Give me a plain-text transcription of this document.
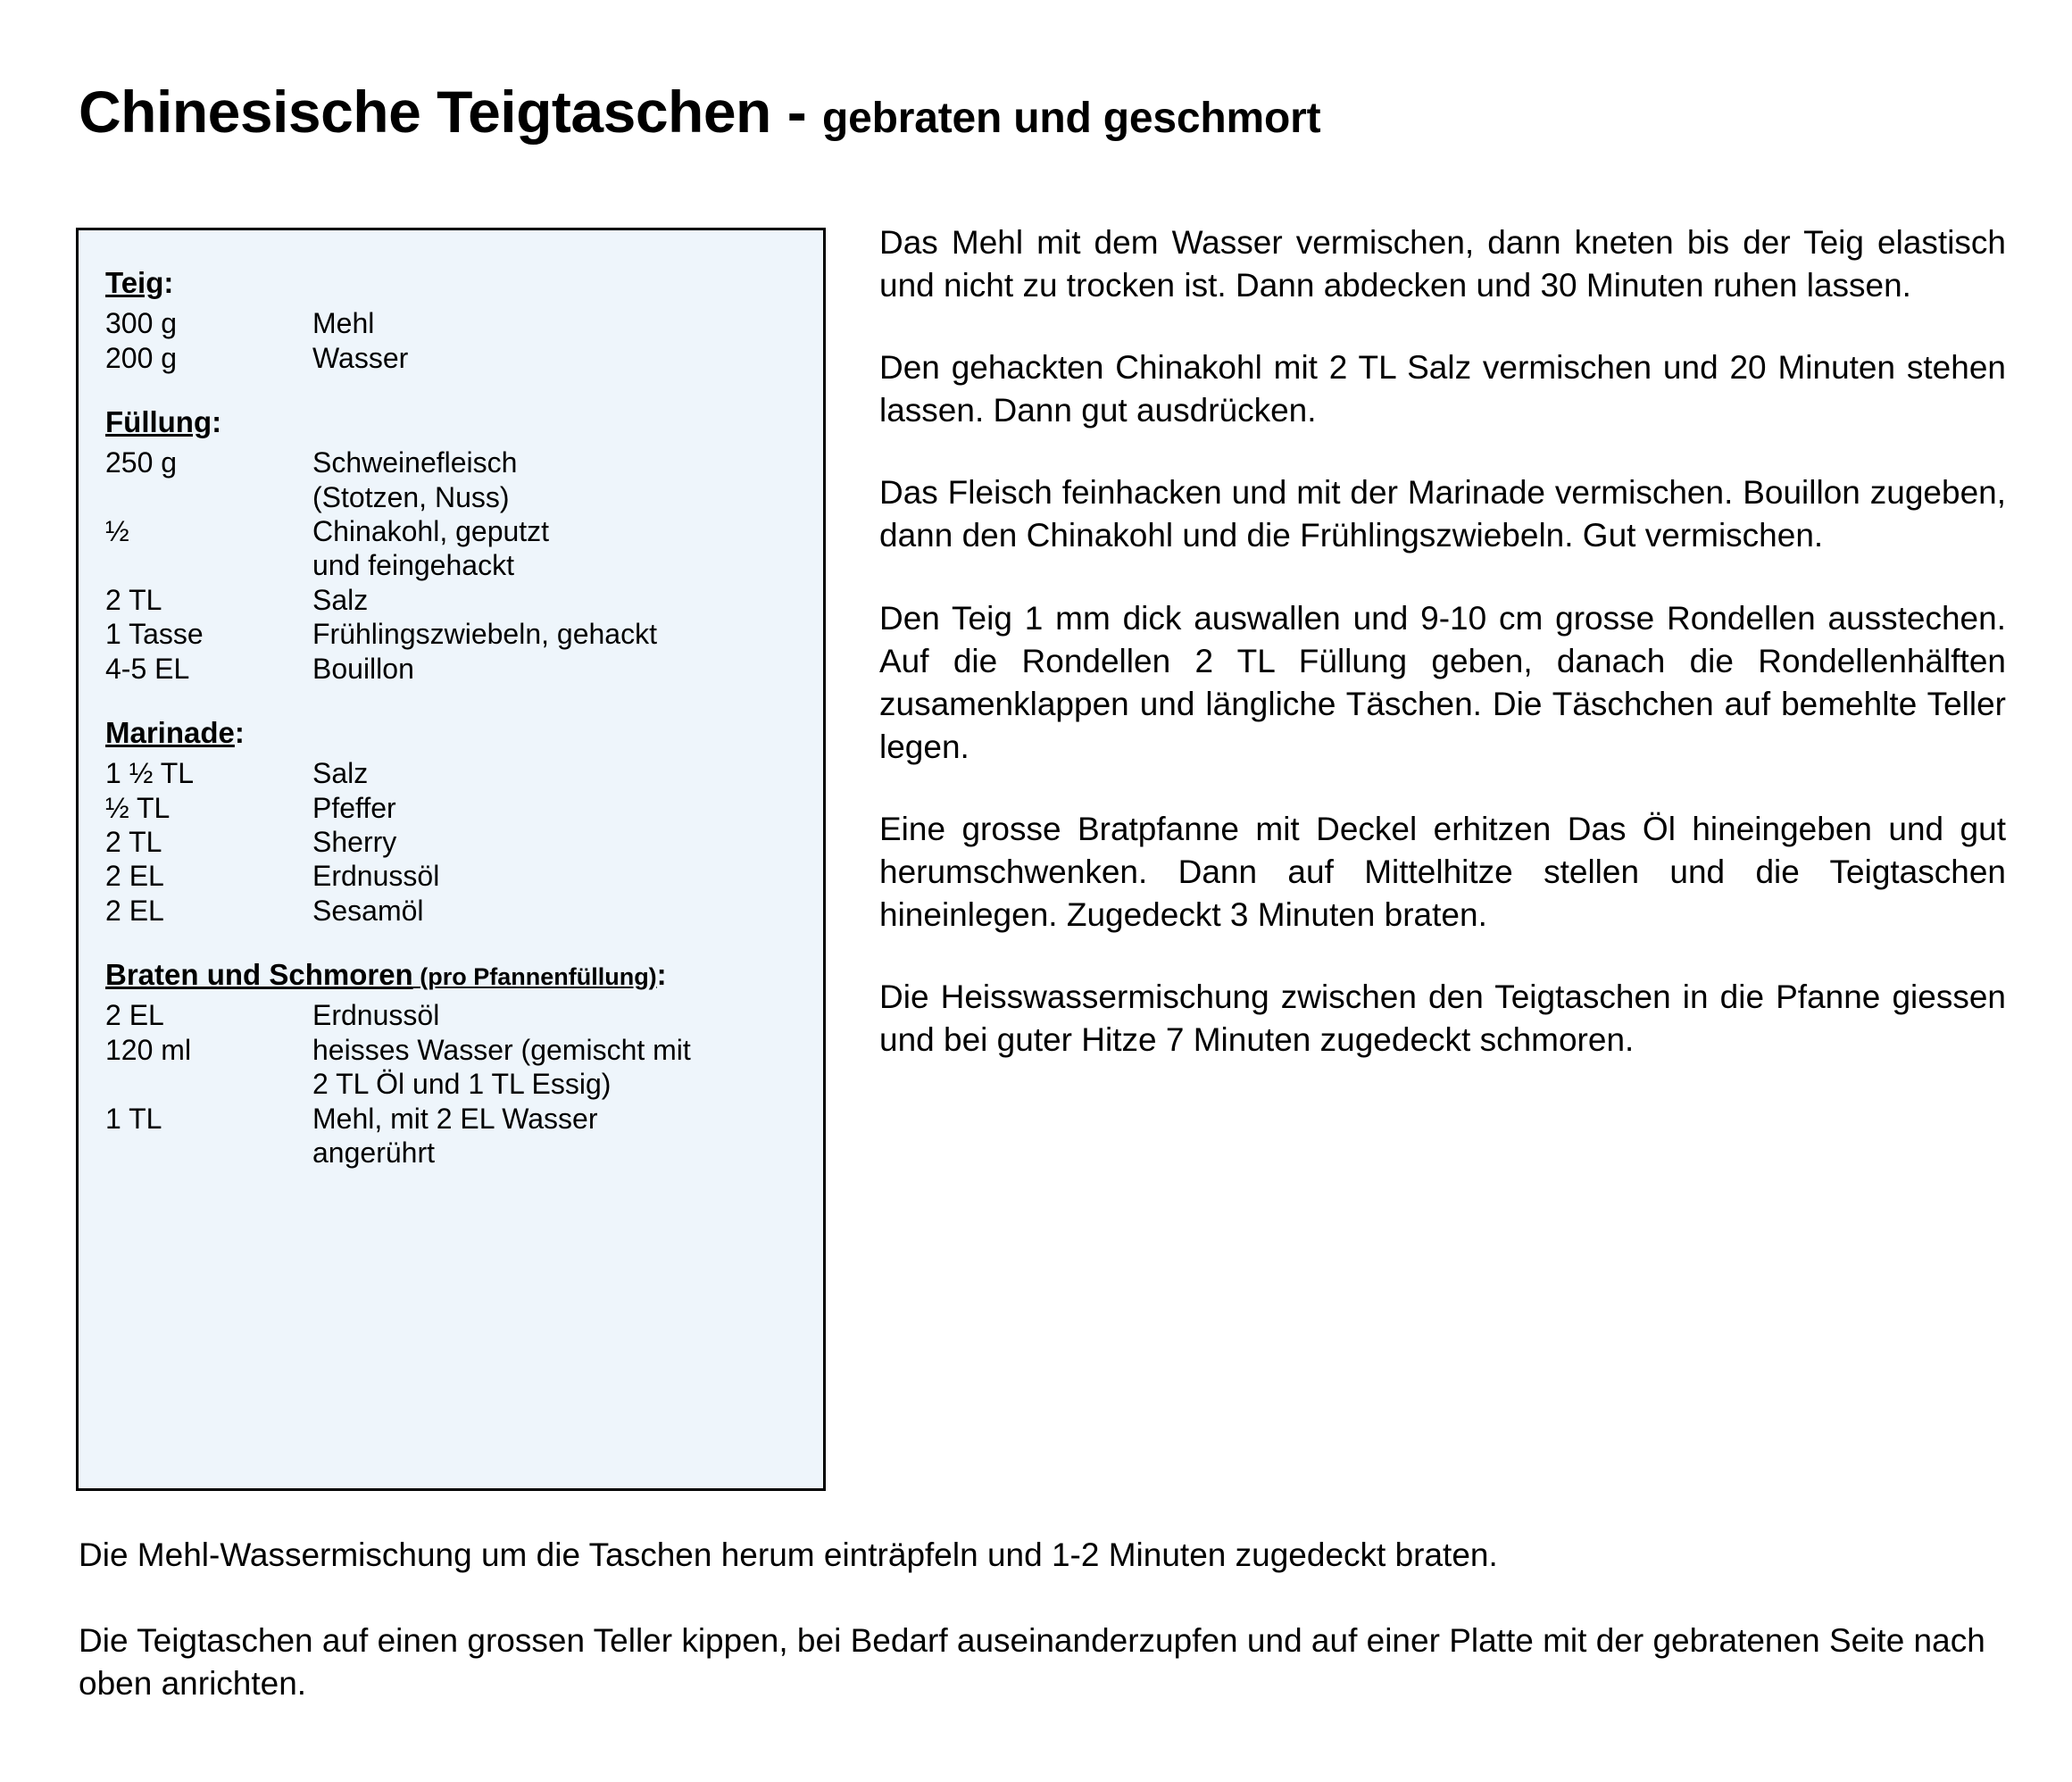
Chinesische Teigtaschen - gebraten und geschmort
Teig:
300 g	Mehl
200 g	Wasser
Füllung:
250 g	Schweinefleisch
(Stotzen, Nuss)
½	Chinakohl, geputzt
und feingehackt
2 TL	Salz
1 Tasse	Frühlingszwiebeln, gehackt
4-5 EL	Bouillon
Marinade:
1 ½ TL	Salz
½ TL	Pfeffer
2 TL	Sherry
2 EL	Erdnussöl
2 EL	Sesamöl
Braten und Schmoren (pro Pfannenfüllung):
2 EL	Erdnussöl
120 ml	heisses Wasser (gemischt mit
2 TL Öl und 1 TL Essig)
1 TL	Mehl, mit 2 EL Wasser
angerührt

Das Mehl mit dem Wasser vermischen, dann kneten bis der Teig elastisch und nicht zu trocken ist. Dann abdecken und 30 Minuten ruhen lassen.

Den gehackten Chinakohl mit 2 TL Salz vermischen und 20 Minuten stehen lassen. Dann gut ausdrücken.

Das Fleisch feinhacken und mit der Marinade vermischen. Bouillon zugeben, dann den Chinakohl und die Frühlingszwiebeln. Gut vermischen.

Den Teig 1 mm dick auswallen und 9-10 cm grosse Rondellen ausstechen. Auf die Rondellen 2 TL Füllung geben, danach die Rondellenhälften zusamenklappen und längliche Täschen. Die Täschchen auf bemehlte Teller legen.

Eine grosse Bratpfanne mit Deckel erhitzen Das Öl hineingeben und gut herumschwenken. Dann auf Mittelhitze stellen und die Teigtaschen hineinlegen. Zugedeckt 3 Minuten braten.

Die Heisswassermischung zwischen den Teigtaschen in die Pfanne giessen und bei guter Hitze 7 Minuten zugedeckt schmoren.

Die Mehl-Wassermischung um die Taschen herum einträpfeln und 1-2 Minuten zugedeckt braten.

Die Teigtaschen auf einen grossen Teller kippen, bei Bedarf auseinanderzupfen und auf einer Platte mit der gebratenen Seite nach oben anrichten.
